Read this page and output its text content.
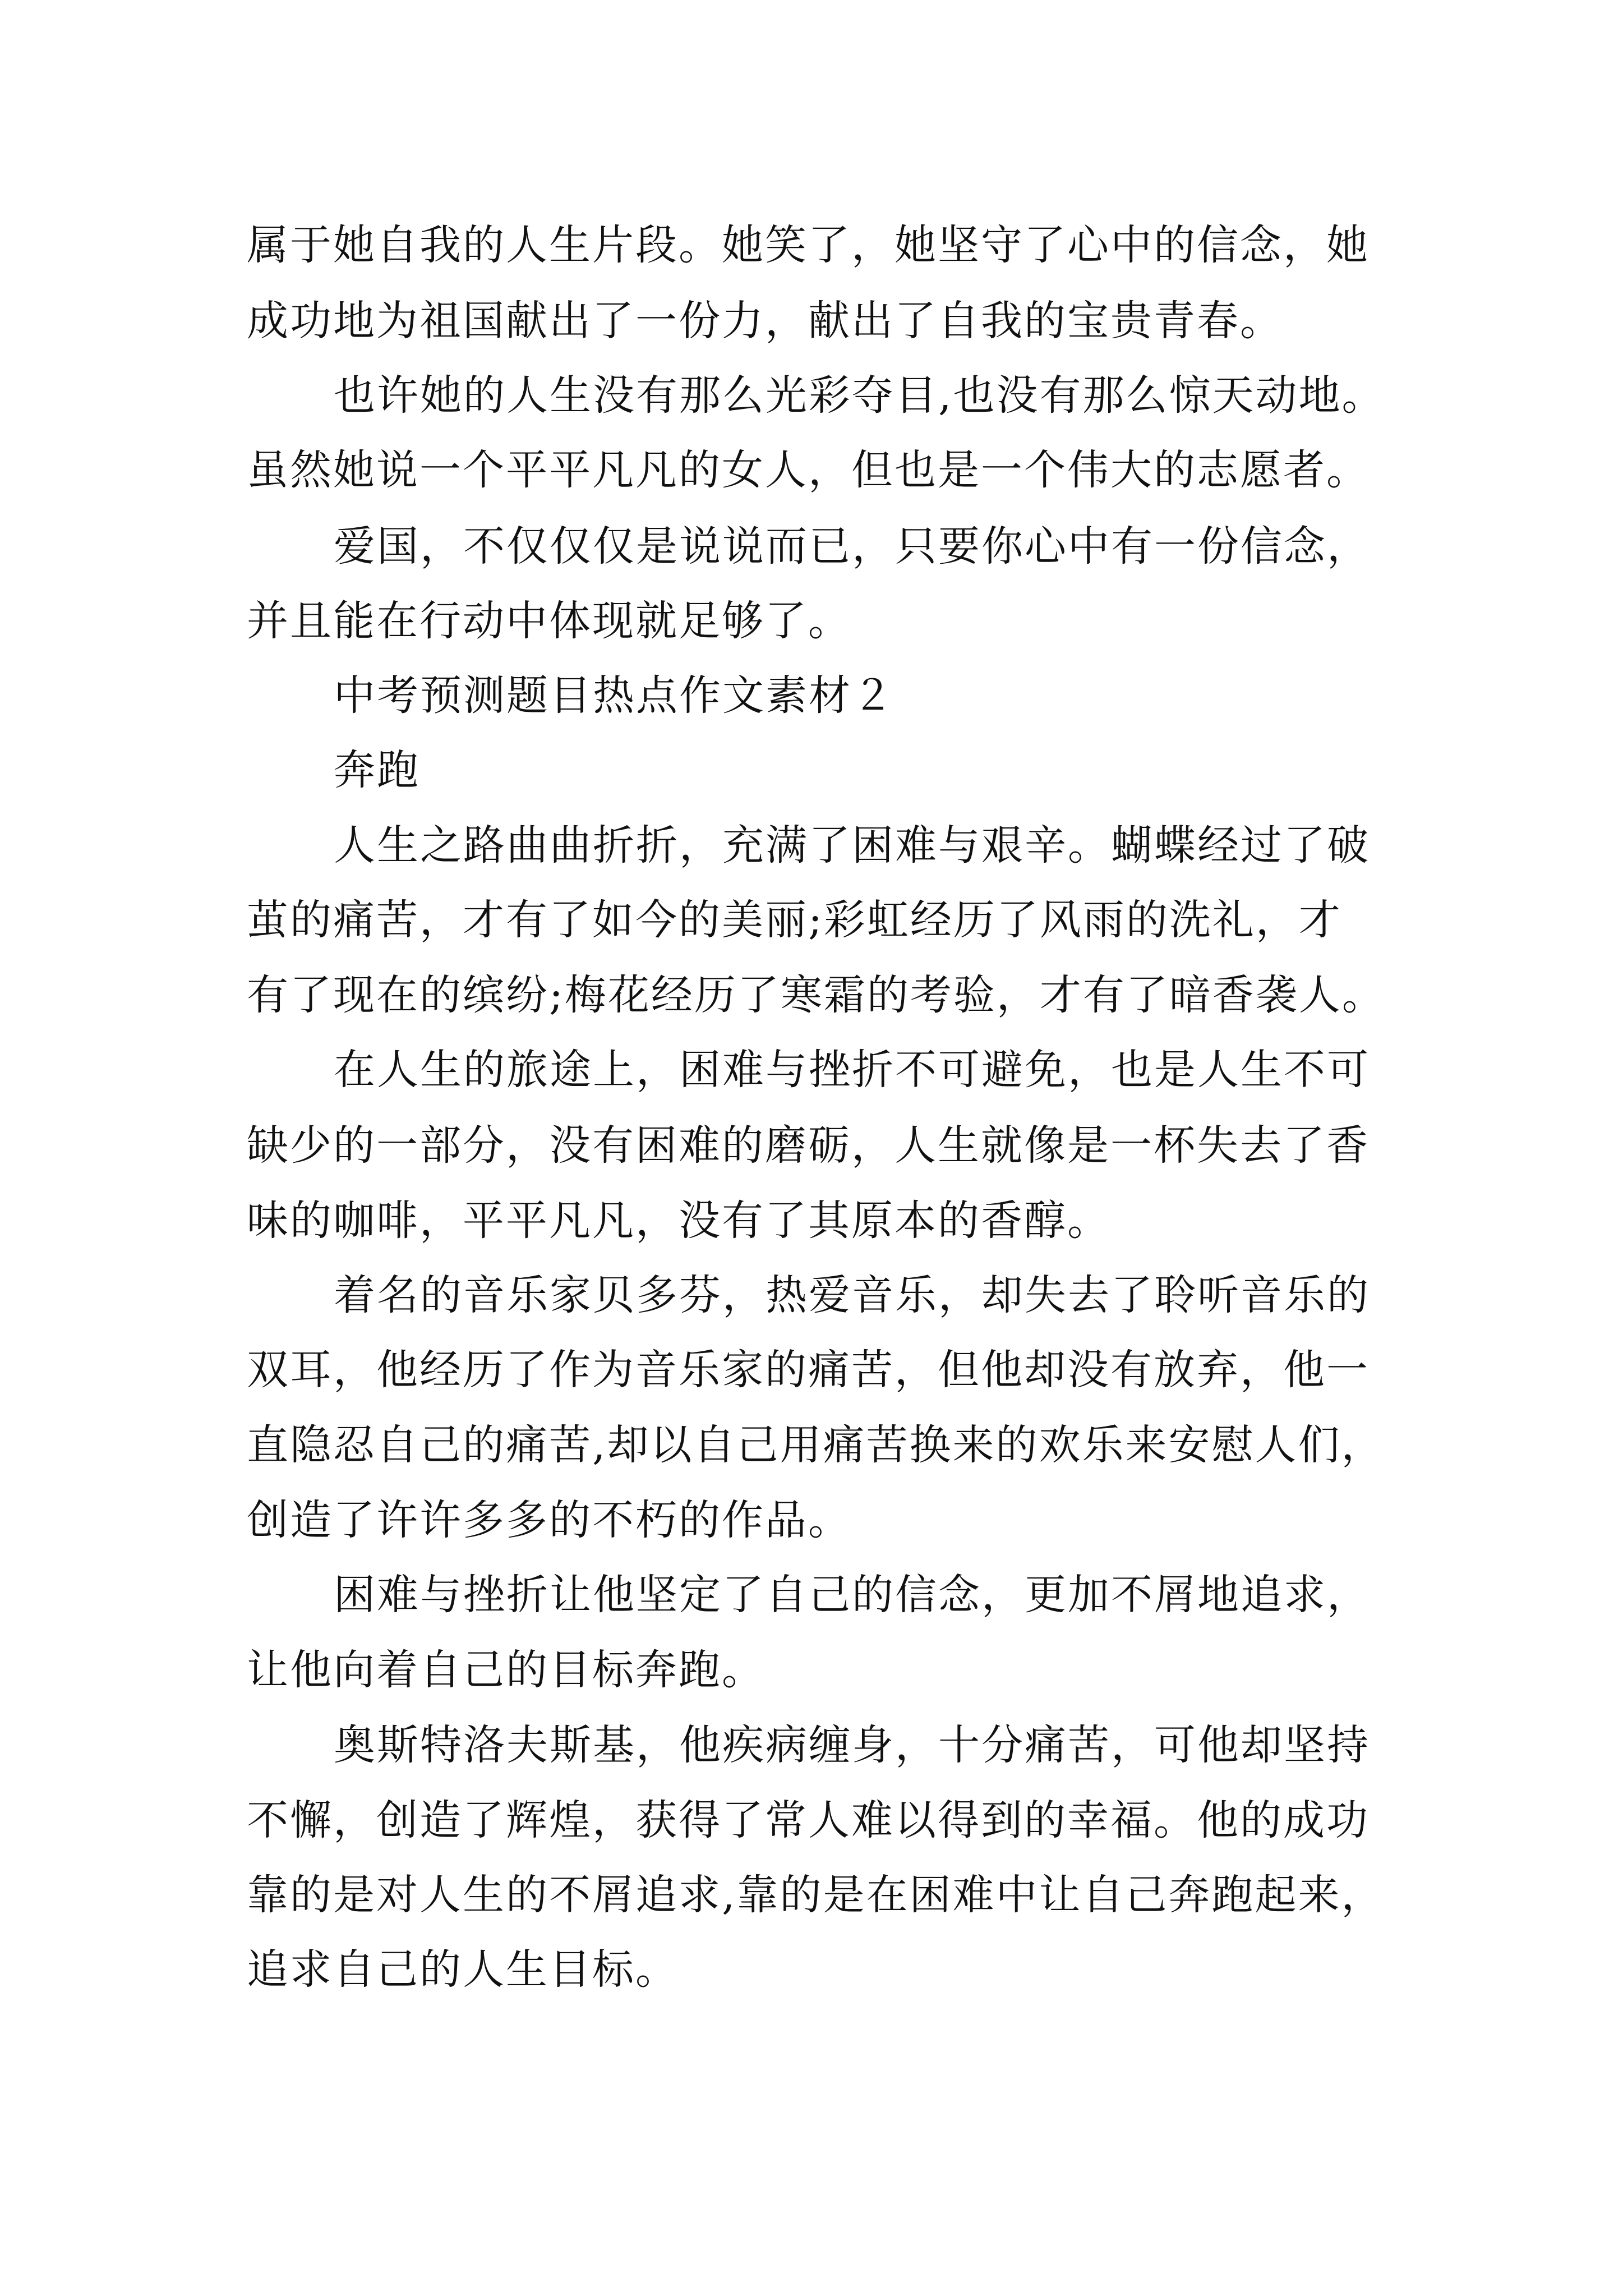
属于她自我的人生片段。她笑了，她坚守了心中的信念，她

成功地为祖国献出了一份力，献出了自我的宝贵青春。

也许她的人生没有那么光彩夺目,也没有那么惊天动地。

虽然她说一个平平凡凡的女人，但也是一个伟大的志愿者。

爱国，不仅仅仅是说说而已，只要你心中有一份信念，

并且能在行动中体现就足够了。

中考预测题目热点作文素材２

奔跑

人生之路曲曲折折，充满了困难与艰辛。蝴蝶经过了破

茧的痛苦，才有了如今的美丽;彩虹经历了风雨的洗礼，才

有了现在的缤纷;梅花经历了寒霜的考验，才有了暗香袭人。

在人生的旅途上，困难与挫折不可避免，也是人生不可

缺少的一部分，没有困难的磨砺，人生就像是一杯失去了香

味的咖啡，平平凡凡，没有了其原本的香醇。

着名的音乐家贝多芬，热爱音乐，却失去了聆听音乐的

双耳，他经历了作为音乐家的痛苦，但他却没有放弃，他一

直隐忍自己的痛苦,却以自己用痛苦换来的欢乐来安慰人们，

创造了许许多多的不朽的作品。

困难与挫折让他坚定了自己的信念，更加不屑地追求，

让他向着自己的目标奔跑。

奥斯特洛夫斯基，他疾病缠身，十分痛苦，可他却坚持

不懈，创造了辉煌，获得了常人难以得到的幸福。他的成功

靠的是对人生的不屑追求,靠的是在困难中让自己奔跑起来，

追求自己的人生目标。
